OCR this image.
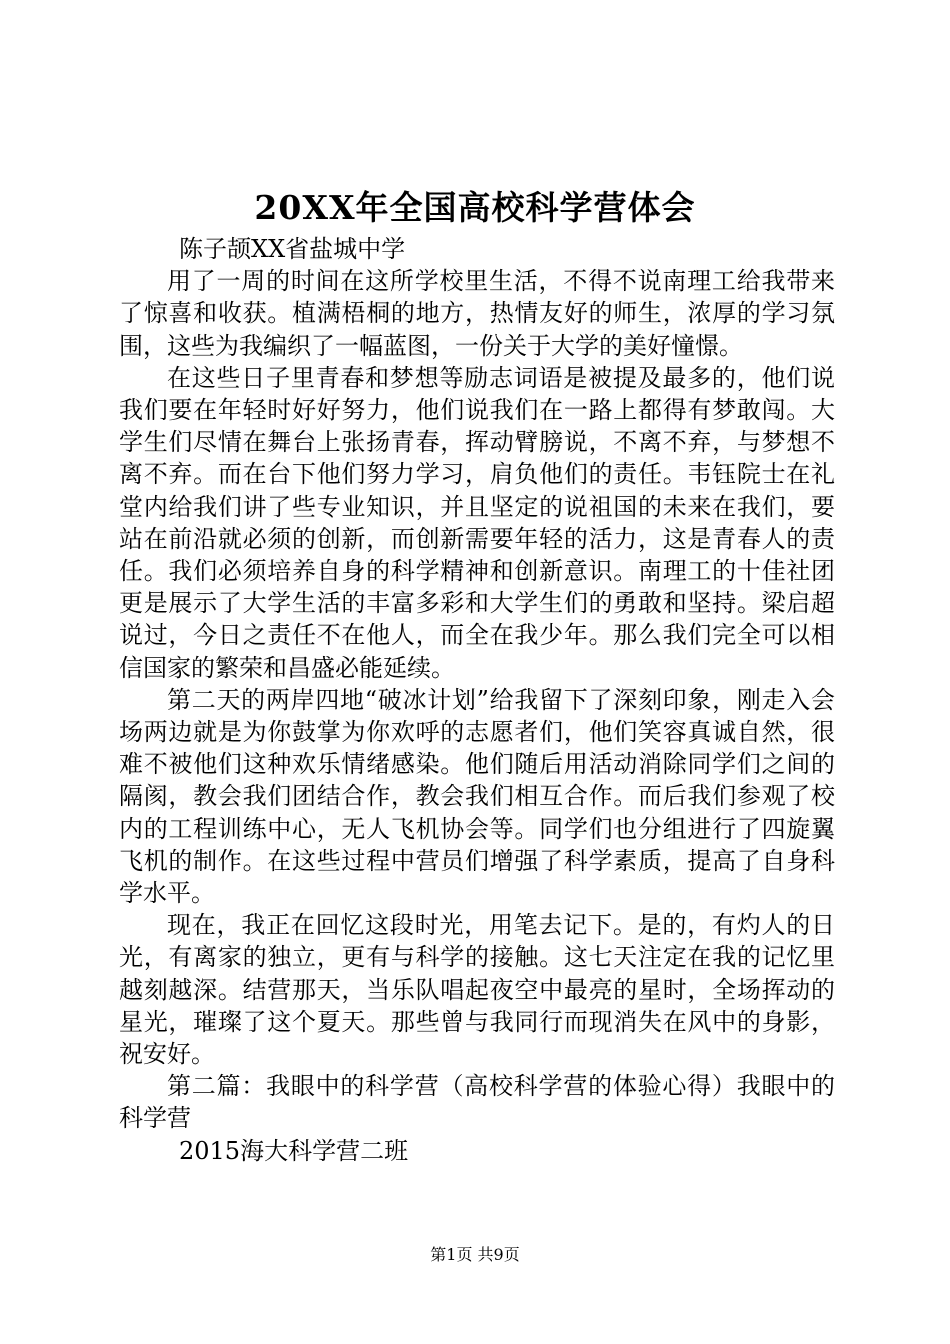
20XX年全国高校科学营体会

陈子颉XX省盐城中学

用了一周的时间在这所学校里生活，不得不说南理工给我带来了惊喜和收获。植满梧桐的地方，热情友好的师生，浓厚的学习氛围，这些为我编织了一幅蓝图，一份关于大学的美好憧憬。

在这些日子里青春和梦想等励志词语是被提及最多的，他们说我们要在年轻时好好努力，他们说我们在一路上都得有梦敢闯。大学生们尽情在舞台上张扬青春，挥动臂膀说，不离不弃，与梦想不离不弃。而在台下他们努力学习，肩负他们的责任。韦钰院士在礼堂内给我们讲了些专业知识，并且坚定的说祖国的未来在我们，要站在前沿就必须的创新，而创新需要年轻的活力，这是青春人的责任。我们必须培养自身的科学精神和创新意识。南理工的十佳社团更是展示了大学生活的丰富多彩和大学生们的勇敢和坚持。梁启超说过，今日之责任不在他人，而全在我少年。那么我们完全可以相信国家的繁荣和昌盛必能延续。

第二天的两岸四地“破冰计划”给我留下了深刻印象，刚走入会场两边就是为你鼓掌为你欢呼的志愿者们，他们笑容真诚自然，很难不被他们这种欢乐情绪感染。他们随后用活动消除同学们之间的隔阂，教会我们团结合作，教会我们相互合作。而后我们参观了校内的工程训练中心，无人飞机协会等。同学们也分组进行了四旋翼飞机的制作。在这些过程中营员们增强了科学素质，提高了自身科学水平。

现在，我正在回忆这段时光，用笔去记下。是的，有灼人的日光，有离家的独立，更有与科学的接触。这七天注定在我的记忆里越刻越深。结营那天，当乐队唱起夜空中最亮的星时，全场挥动的星光，璀璨了这个夏天。那些曾与我同行而现消失在风中的身影，祝安好。

第二篇：我眼中的科学营（高校科学营的体验心得）我眼中的科学营

2015海大科学营二班

第1页 共9页
